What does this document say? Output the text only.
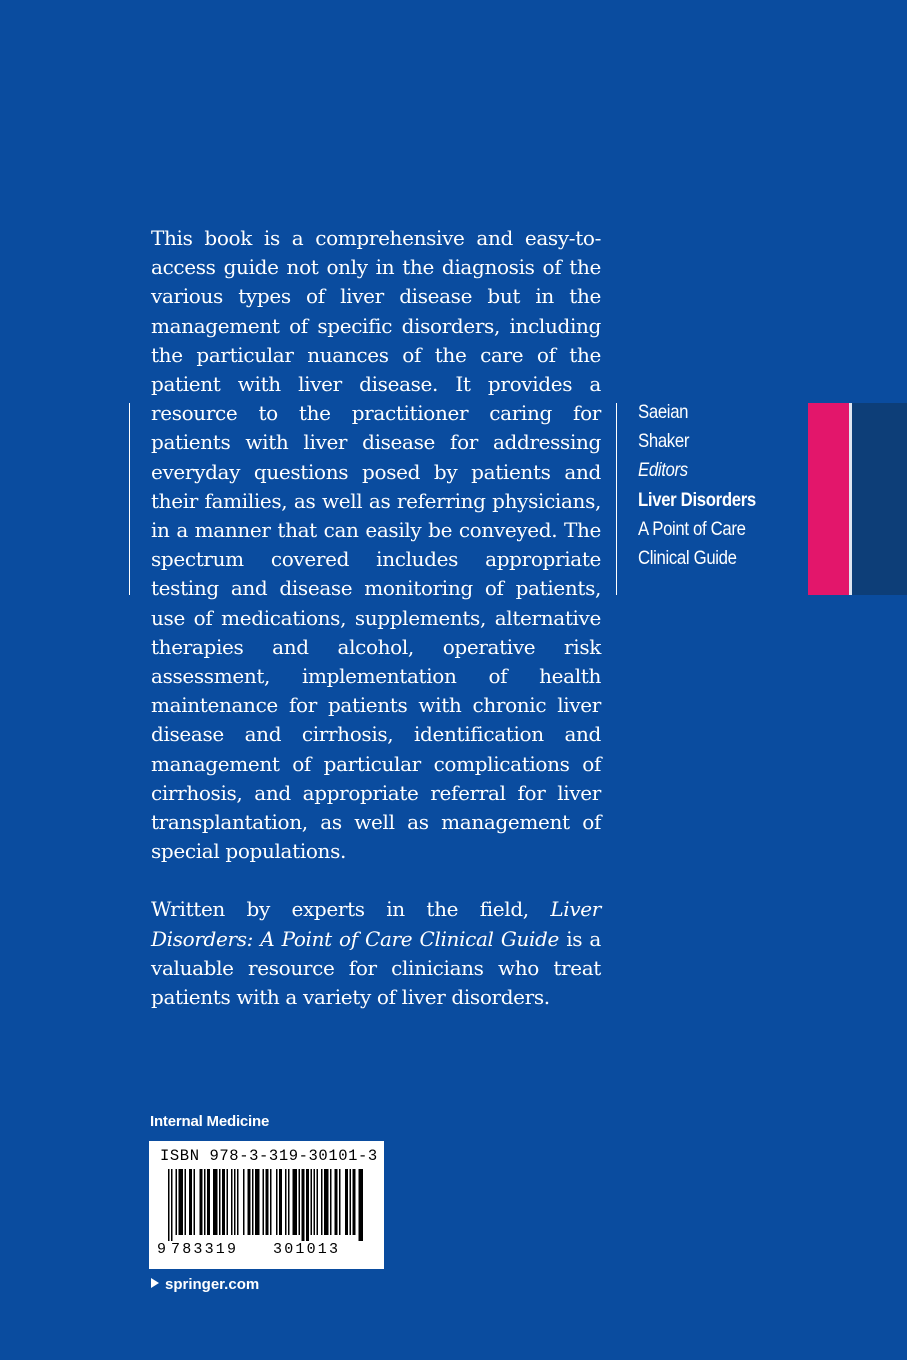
This book is a comprehensive and easy-to-access guide not only in the diagnosis of the various types of liver disease but in the management of specific disorders, including the particular nuances of the care of the patient with liver disease. It provides a resource to the practitioner caring for patients with liver disease for addressing everyday questions posed by patients and their families, as well as referring physicians, in a manner that can easily be conveyed. The spectrum covered includes appropriate testing and disease monitoring of patients, use of medications, supplements, alternative therapies and alcohol, operative risk assessment, implementation of health maintenance for patients with chronic liver disease and cirrhosis, identification and management of particular complications of cirrhosis, and appropriate referral for liver transplantation, as well as management of special populations.

Written by experts in the field, Liver Disorders: A Point of Care Clinical Guide is a valuable resource for clinicians who treat patients with a variety of liver disorders.

Saeian
Shaker
Editors
Liver Disorders
A Point of Care
Clinical Guide
Internal Medicine
ISBN 978-3-319-30101-3
9 783319	301013
springer.com
